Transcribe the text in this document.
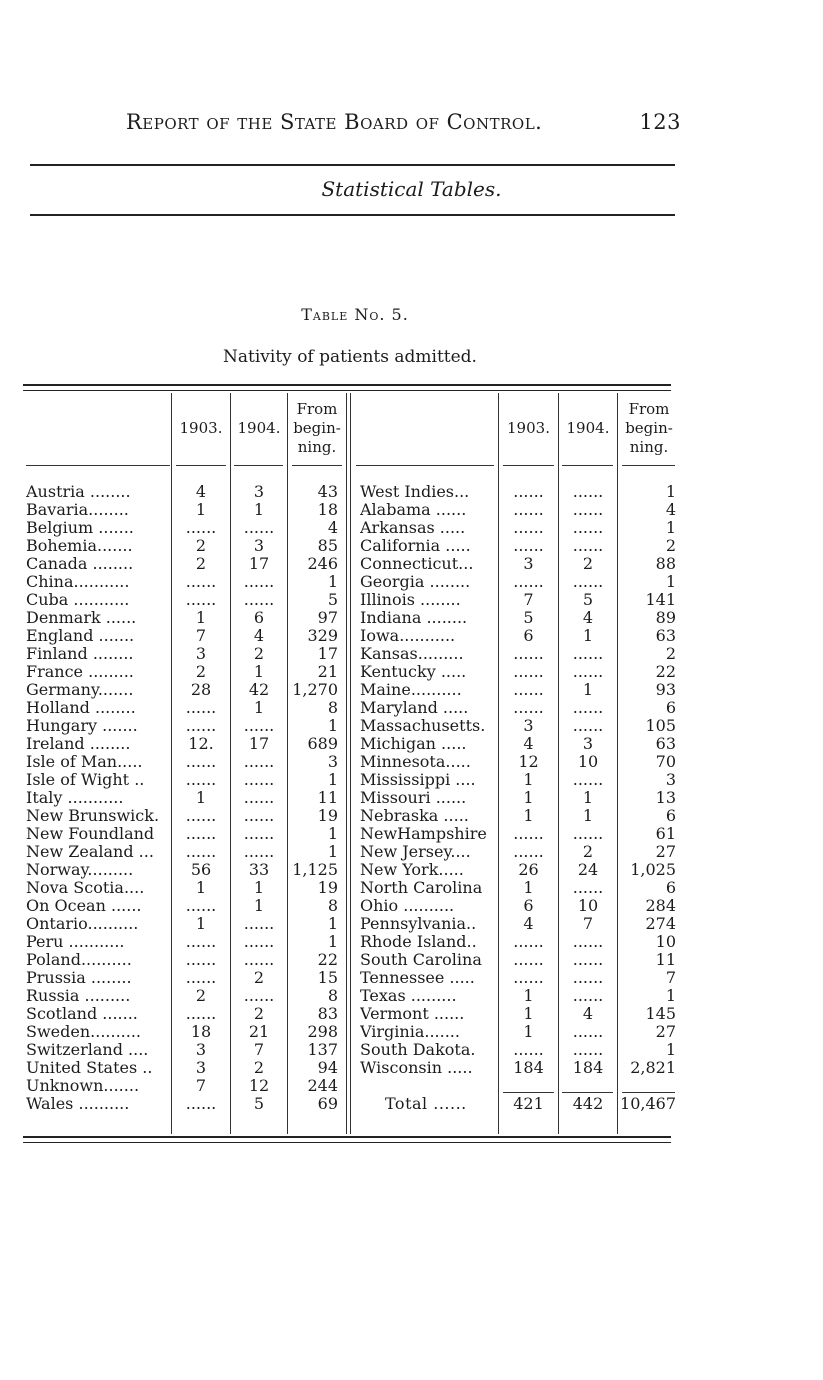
Report of the State Board of Control.	123
Statistical Tables.
Table No. 5.
Nativity of patients admitted.
1903.	1904.
From begin- ning.
1903.	1904.
From begin- ning.
Austria ........	4	3	43 West Indies...	......	......	1
Bavaria........	1	1	18 Alabama ......	......	......	4
Belgium .......	......	......	4 Arkansas .....	......	......	1
Bohemia.......	2	3	85 California .....	......	......	2
Canada ........	2	17	246 Connecticut...	3	2	88
China...........	......	......	1 Georgia ........	......	......	1
Cuba ...........	......	......	5 Illinois ........	7	5	141
Denmark ......	1	6	97 Indiana ........	5	4	89
England .......	7	4	329 Iowa...........	6	1	63
Finland ........	3	2	17 Kansas.........	......	......	2
France .........	2	1	21 Kentucky .....	......	......	22
Germany.......	28	42	1,270 Maine..........	......	1	93
Holland ........	......	1	8 Maryland .....	......	......	6
Hungary .......	......	......	1 Massachusetts.	3	......	105
Ireland ........	12.	17	689 Michigan .....	4	3	63
Isle of Man.....	......	......	3 Minnesota.....	12	10	70
Isle of Wight ..	......	......	1 Mississippi ....	1	......	3
Italy ...........	1	......	11 Missouri ......	1	1	13
New Brunswick.	......	......	19 Nebraska .....	1	1	6
New Foundland	......	......	1 NewHampshire	......	......	61
New Zealand ...	......	......	1 New Jersey....	......	2	27
Norway.........	56	33	1,125 New York.....	26	24	1,025
Nova Scotia....	1	1	19 North Carolina	1	......	6
On Ocean ......	......	1	8 Ohio ..........	6	10	284
Ontario..........	1	......	1 Pennsylvania..	4	7	274
Peru ...........	......	......	1 Rhode Island..	......	......	10
Poland..........	......	......	22 South Carolina	......	......	11
Prussia ........	......	2	15 Tennessee .....	......	......	7
Russia .........	2	......	8 Texas .........	1	......	1
Scotland .......	......	2	83 Vermont ......	1	4	145
Sweden..........	18	21	298 Virginia.......	1	......	27
Switzerland ....	3	7	137 South Dakota.	......	......	1
United States ..	3	2	94 Wisconsin .....	184	184	2,821
Unknown.......	7	12	244
Wales ..........	......	5	69	Total ......	421	442	10,467
